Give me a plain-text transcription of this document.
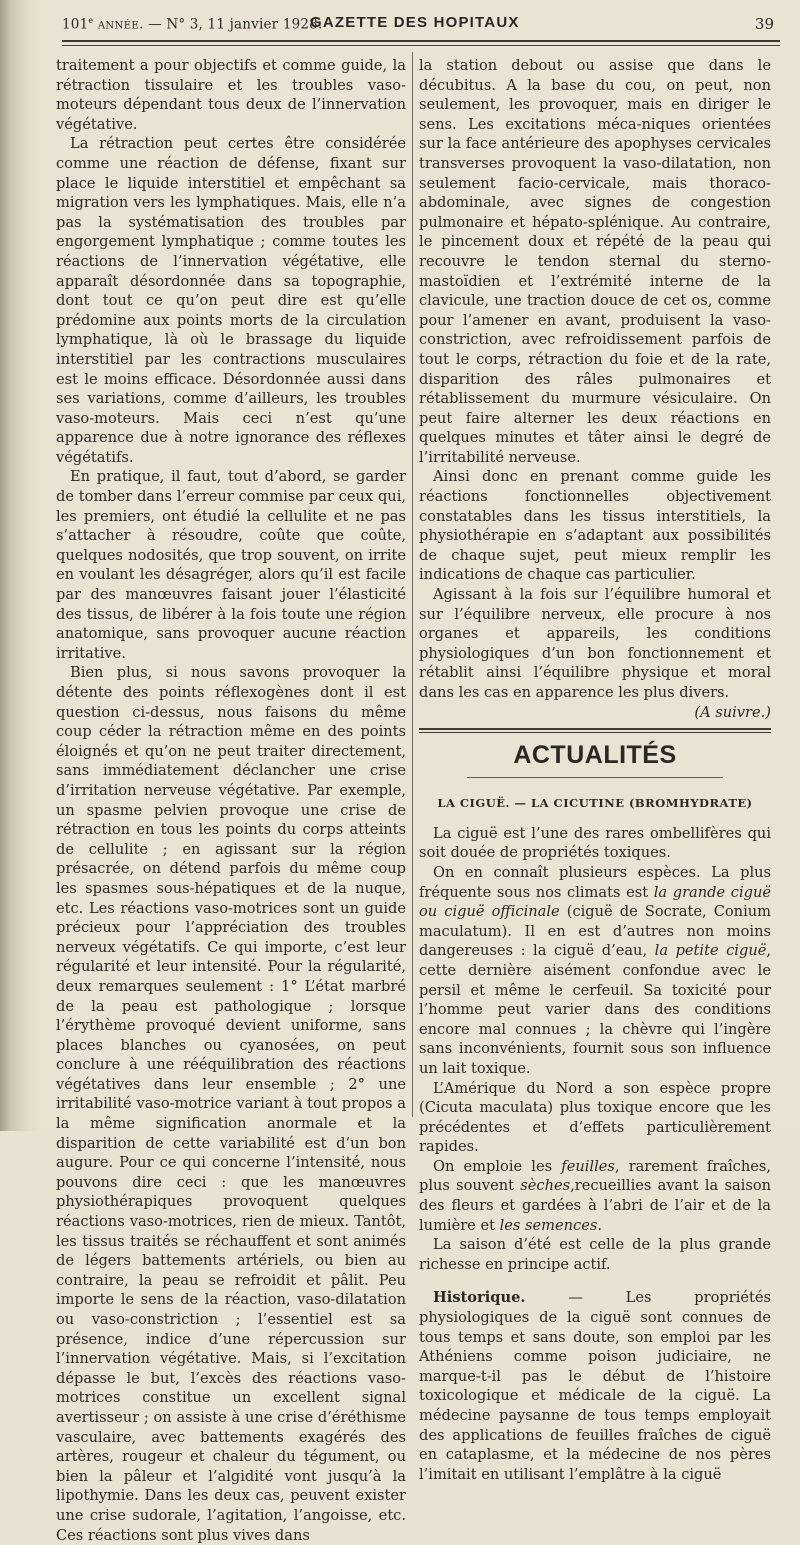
101e ANNÉE. — N° 3, 11 janvier 1928.
GAZETTE DES HOPITAUX	39

traitement a pour objectifs et comme guide, la rétraction tissulaire et les troubles vaso-moteurs dépendant tous deux de l’innervation végétative.

La rétraction peut certes être considérée comme une réaction de défense, fixant sur place le liquide interstitiel et empêchant sa migration vers les lymphatiques. Mais, elle n’a pas la systématisation des troubles par engorgement lymphatique ; comme toutes les réactions de l’innervation végétative, elle apparaît désordonnée dans sa topographie, dont tout ce qu’on peut dire est qu’elle prédomine aux points morts de la circulation lymphatique, là où le brassage du liquide interstitiel par les contractions musculaires est le moins efficace. Désordonnée aussi dans ses variations, comme d’ailleurs, les troubles vaso-moteurs. Mais ceci n’est qu’une apparence due à notre ignorance des réflexes végétatifs.

En pratique, il faut, tout d’abord, se garder de tomber dans l’erreur commise par ceux qui, les premiers, ont étudié la cellulite et ne pas s’attacher à résoudre, coûte que coûte, quelques nodosités, que trop souvent, on irrite en voulant les désagréger, alors qu’il est facile par des manœuvres faisant jouer l’élasticité des tissus, de libérer à la fois toute une région anatomique, sans provoquer aucune réaction irritative.

Bien plus, si nous savons provoquer la détente des points réflexogènes dont il est question ci-dessus, nous faisons du même coup céder la rétraction même en des points éloignés et qu’on ne peut traiter directement, sans immédiatement déclancher une crise d’irritation nerveuse végétative. Par exemple, un spasme pelvien provoque une crise de rétraction en tous les points du corps atteints de cellulite ; en agissant sur la région présacrée, on détend parfois du même coup les spasmes sous-hépatiques et de la nuque, etc. Les réactions vaso-motrices sont un guide précieux pour l’appréciation des troubles nerveux végétatifs. Ce qui importe, c’est leur régularité et leur intensité. Pour la régularité, deux remarques seulement : 1° L’état marbré de la peau est pathologique ; lorsque l’érythème provoqué devient uniforme, sans places blanches ou cyanosées, on peut conclure à une rééquilibration des réactions végétatives dans leur ensemble ; 2° une irritabilité vaso-motrice variant à tout propos a la même signification anormale et la disparition de cette variabilité est d’un bon augure. Pour ce qui concerne l’intensité, nous pouvons dire ceci : que les manœuvres physiothérapiques provoquent quelques réactions vaso-motrices, rien de mieux. Tantôt, les tissus traités se réchauffent et sont animés de légers battements artériels, ou bien au contraire, la peau se refroidit et pâlit. Peu importe le sens de la réaction, vaso-dilatation ou vaso-constriction ; l’essentiel est sa présence, indice d’une répercussion sur l’innervation végétative. Mais, si l’excitation dépasse le but, l’excès des réactions vaso-motrices constitue un excellent signal avertisseur ; on assiste à une crise d’éréthisme vasculaire, avec battements exagérés des artères, rougeur et chaleur du tégument, ou bien la pâleur et l’algidité vont jusqu’à la lipothymie. Dans les deux cas, peuvent exister une crise sudorale, l’agitation, l’angoisse, etc. Ces réactions sont plus vives dans

la station debout ou assise que dans le décubitus. A la base du cou, on peut, non seulement, les provoquer, mais en diriger le sens. Les excitations méca-niques orientées sur la face antérieure des apophyses cervicales transverses provoquent la vaso-dilatation, non seulement facio-cervicale, mais thoraco-abdominale, avec signes de congestion pulmonaire et hépato-splénique. Au contraire, le pincement doux et répété de la peau qui recouvre le tendon sternal du sterno-mastoïdien et l’extrémité interne de la clavicule, une traction douce de cet os, comme pour l’amener en avant, produisent la vaso-constriction, avec refroidissement parfois de tout le corps, rétraction du foie et de la rate, disparition des râles pulmonaires et rétablissement du murmure vésiculaire. On peut faire alterner les deux réactions en quelques minutes et tâter ainsi le degré de l’irritabilité nerveuse.

Ainsi donc en prenant comme guide les réactions fonctionnelles objectivement constatables dans les tissus interstitiels, la physiothérapie en s’adaptant aux possibilités de chaque sujet, peut mieux remplir les indications de chaque cas particulier.

Agissant à la fois sur l’équilibre humoral et sur l’équilibre nerveux, elle procure à nos organes et appareils, les conditions physiologiques d’un bon fonctionnement et rétablit ainsi l’équilibre physique et moral dans les cas en apparence les plus divers.

(A suivre.)

ACTUALITÉS
LA CIGUË. — LA CICUTINE (BROMHYDRATE)

La ciguë est l’une des rares ombellifères qui soit douée de propriétés toxiques.

On en connaît plusieurs espèces. La plus fréquente sous nos climats est la grande ciguë ou ciguë officinale (ciguë de Socrate, Conium maculatum). Il en est d’autres non moins dangereuses : la ciguë d’eau, la petite ciguë, cette dernière aisément confondue avec le persil et même le cerfeuil. Sa toxicité pour l’homme peut varier dans des conditions encore mal connues ; la chèvre qui l’ingère sans inconvénients, fournit sous son influence un lait toxique.

L’Amérique du Nord a son espèce propre (Cicuta maculata) plus toxique encore que les précédentes et d’effets particulièrement rapides.

On emploie les feuilles, rarement fraîches, plus souvent sèches,recueillies avant la saison des fleurs et gardées à l’abri de l’air et de la lumière et les semences.

La saison d’été est celle de la plus grande richesse en principe actif.

Historique. — Les propriétés physiologiques de la ciguë sont connues de tous temps et sans doute, son emploi par les Athéniens comme poison judiciaire, ne marque-t-il pas le début de l’histoire toxicologique et médicale de la ciguë. La médecine paysanne de tous temps employait des applications de feuilles fraîches de ciguë en cataplasme, et la médecine de nos pères l’imitait en utilisant l’emplâtre à la ciguë
